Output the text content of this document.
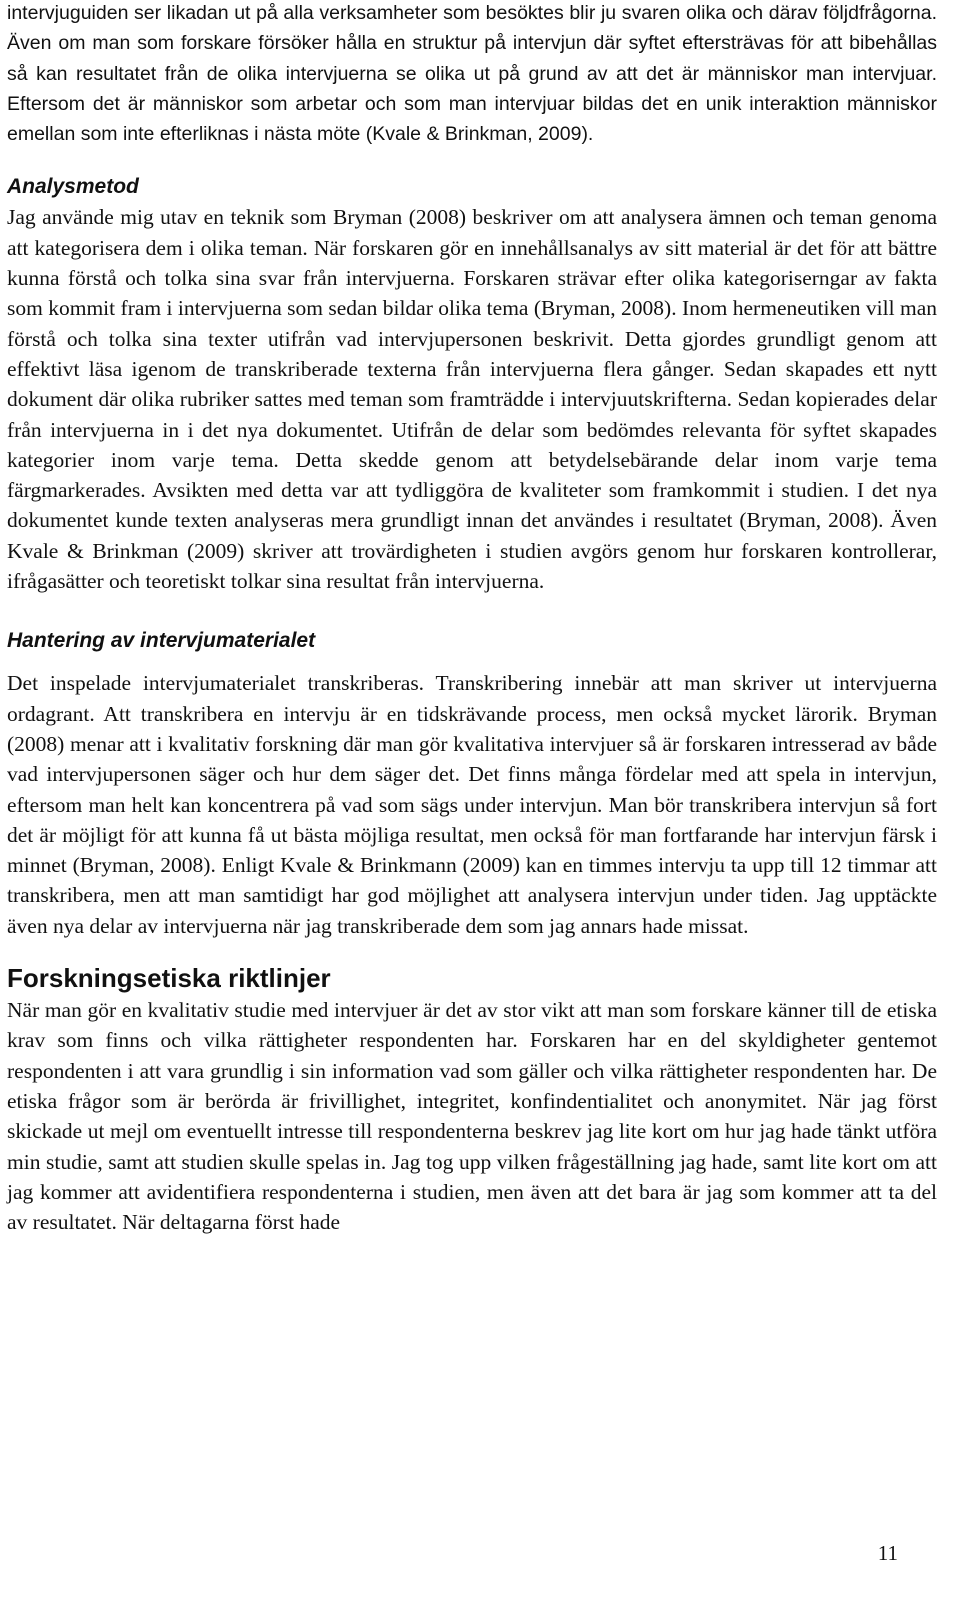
intervjuguiden ser likadan ut på alla verksamheter som besöktes blir ju svaren olika och därav följdfrågorna. Även om man som forskare försöker hålla en struktur på intervjun där syftet eftersträvas för att bibehållas så kan resultatet från de olika intervjuerna se olika ut på grund av att det är människor man intervjuar. Eftersom det är människor som arbetar och som man intervjuar bildas det en unik interaktion människor emellan som inte efterliknas i nästa möte (Kvale & Brinkman, 2009).

Analysmetod

Jag använde mig utav en teknik som Bryman (2008) beskriver om att analysera ämnen och teman genoma att kategorisera dem i olika teman. När forskaren gör en innehållsanalys av sitt material är det för att bättre kunna förstå och tolka sina svar från intervjuerna. Forskaren strävar efter olika kategoriserngar av fakta som kommit fram i intervjuerna som sedan bildar olika tema (Bryman, 2008). Inom hermeneutiken vill man förstå och tolka sina texter utifrån vad intervjupersonen beskrivit. Detta gjordes grundligt genom att effektivt läsa igenom de transkriberade texterna från intervjuerna flera gånger. Sedan skapades ett nytt dokument där olika rubriker sattes med teman som framträdde i intervjuutskrifterna. Sedan kopierades delar från intervjuerna in i det nya dokumentet. Utifrån de delar som bedömdes relevanta för syftet skapades kategorier inom varje tema. Detta skedde genom att betydelsebärande delar inom varje tema färgmarkerades. Avsikten med detta var att tydliggöra de kvaliteter som framkommit i studien. I det nya dokumentet kunde texten analyseras mera grundligt innan det användes i resultatet (Bryman, 2008). Även Kvale & Brinkman (2009) skriver att trovärdigheten i studien avgörs genom hur forskaren kontrollerar, ifrågasätter och teoretiskt tolkar sina resultat från intervjuerna.

Hantering av intervjumaterialet

Det inspelade intervjumaterialet transkriberas. Transkribering innebär att man skriver ut intervjuerna ordagrant. Att transkribera en intervju är en tidskrävande process, men också mycket lärorik. Bryman (2008) menar att i kvalitativ forskning där man gör kvalitativa intervjuer så är forskaren intresserad av både vad intervjupersonen säger och hur dem säger det. Det finns många fördelar med att spela in intervjun, eftersom man helt kan koncentrera på vad som sägs under intervjun. Man bör transkribera intervjun så fort det är möjligt för att kunna få ut bästa möjliga resultat, men också för man fortfarande har intervjun färsk i minnet (Bryman, 2008). Enligt Kvale & Brinkmann (2009) kan en timmes intervju ta upp till 12 timmar att transkribera, men att man samtidigt har god möjlighet att analysera intervjun under tiden. Jag upptäckte även nya delar av intervjuerna när jag transkriberade dem som jag annars hade missat.

Forskningsetiska riktlinjer

När man gör en kvalitativ studie med intervjuer är det av stor vikt att man som forskare känner till de etiska krav som finns och vilka rättigheter respondenten har. Forskaren har en del skyldigheter gentemot respondenten i att vara grundlig i sin information vad som gäller och vilka rättigheter respondenten har. De etiska frågor som är berörda är frivillighet, integritet, konfindentialitet och anonymitet. När jag först skickade ut mejl om eventuellt intresse till respondenterna beskrev jag lite kort om hur jag hade tänkt utföra min studie, samt att studien skulle spelas in. Jag tog upp vilken frågeställning jag hade, samt lite kort om att jag kommer att avidentifiera respondenterna i studien, men även att det bara är jag som kommer att ta del av resultatet. När deltagarna först hade

11
